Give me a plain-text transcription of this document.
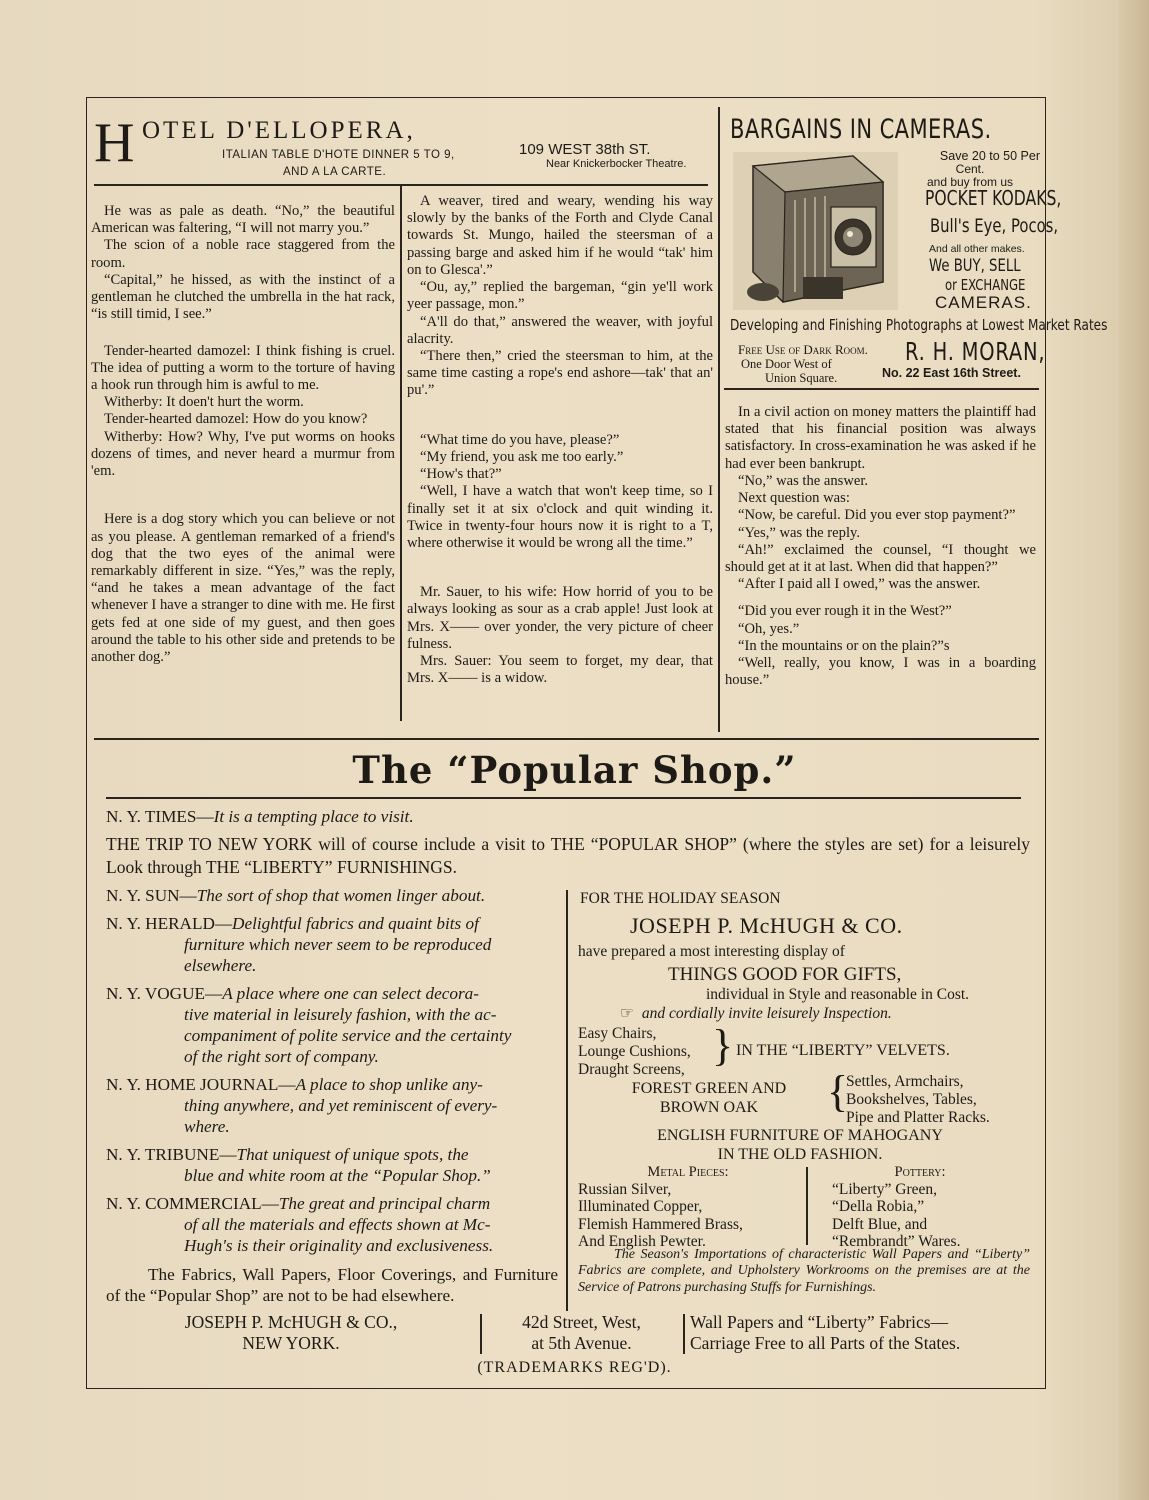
H OTEL D'ELLOPERA,
ITALIAN TABLE D'HOTE DINNER 5 TO 9,
AND A LA CARTE.
109 WEST 38th ST.
Near Knickerbocker Theatre.

He was as pale as death. “No,” the beautiful American was faltering, “I will not marry you.”

The scion of a noble race staggered from the room.

“Capital,” he hissed, as with the instinct of a gentleman he clutched the umbrella in the hat rack, “is still timid, I see.”

Tender-hearted damozel: I think fishing is cruel. The idea of putting a worm to the torture of having a hook run through him is awful to me.

Witherby: It doen't hurt the worm.

Tender-hearted damozel: How do you know?

Witherby: How? Why, I've put worms on hooks dozens of times, and never heard a murmur from 'em.

Here is a dog story which you can believe or not as you please. A gentleman remarked of a friend's dog that the two eyes of the animal were remarkably different in size. “Yes,” was the reply, “and he takes a mean advantage of the fact whenever I have a stranger to dine with me. He first gets fed at one side of my guest, and then goes around the table to his other side and pretends to be another dog.”

A weaver, tired and weary, wending his way slowly by the banks of the Forth and Clyde Canal towards St. Mungo, hailed the steersman of a passing barge and asked him if he would “tak' him on to Glesca'.”

“Ou, ay,” replied the bargeman, “gin ye'll work yeer passage, mon.”

“A'll do that,” answered the weaver, with joyful alacrity.

“There then,” cried the steersman to him, at the same time casting a rope's end ashore—tak' that an' pu'.”

“What time do you have, please?”

“My friend, you ask me too early.”

“How's that?”

“Well, I have a watch that won't keep time, so I finally set it at six o'clock and quit winding it. Twice in twenty-four hours now it is right to a T, where otherwise it would be wrong all the time.”

Mr. Sauer, to his wife: How horrid of you to be always looking as sour as a crab apple! Just look at Mrs. X—— over yonder, the very picture of cheer fulness.

Mrs. Sauer: You seem to forget, my dear, that Mrs. X—— is a widow.

BARGAINS IN CAMERAS.
Save 20 to 50 Per
Cent.
and buy from us
POCKET KODAKS,
Bull's Eye, Pocos,
And all other makes.
We BUY, SELL
or EXCHANGE
CAMERAS.
Developing and Finishing Photographs at Lowest Market Rates
Free Use of Dark Room.
One Door West of
Union Square.
R. H. MORAN,
No. 22 East 16th Street.

In a civil action on money matters the plaintiff had stated that his financial position was always satisfactory. In cross-examination he was asked if he had ever been bankrupt.

“No,” was the answer.

Next question was:

“Now, be careful. Did you ever stop payment?”

“Yes,” was the reply.

“Ah!” exclaimed the counsel, “I thought we should get at it at last. When did that happen?”

“After I paid all I owed,” was the answer.

“Did you ever rough it in the West?”

“Oh, yes.”

“In the mountains or on the plain?”s

“Well, really, you know, I was in a boarding house.”

The “Popular Shop.”
N. Y. TIMES—It is a tempting place to visit.
THE TRIP TO NEW YORK will of course include a visit to THE “POPULAR SHOP” (where the styles are set) for a leisurely Look through THE “LIBERTY” FURNISHINGS.
N. Y. SUN—The sort of shop that women linger about.
N. Y. HERALD—Delightful fabrics and quaint bits of
furniture which never seem to be reproduced
elsewhere.
N. Y. VOGUE—A place where one can select decora-
tive material in leisurely fashion, with the ac-
companiment of polite service and the certainty
of the right sort of company.
N. Y. HOME JOURNAL—A place to shop unlike any-
thing anywhere, and yet reminiscent of every-
where.
N. Y. TRIBUNE—That uniquest of unique spots, the
blue and white room at the “Popular Shop.”
N. Y. COMMERCIAL—The great and principal charm
of all the materials and effects shown at Mc-
Hugh's is their originality and exclusiveness.
The Fabrics, Wall Papers, Floor Coverings, and Furniture of the “Popular Shop” are not to be had elsewhere.
FOR THE HOLIDAY SEASON
JOSEPH P. McHUGH & CO.
have prepared a most interesting display of
THINGS GOOD FOR GIFTS,
individual in Style and reasonable in Cost.
☞ and cordially invite leisurely Inspection.
Easy Chairs,
Lounge Cushions,
Draught Screens, } IN THE “LIBERTY” VELVETS.
FOREST GREEN AND
BROWN OAK	{
Settles, Armchairs,
Bookshelves, Tables,
Pipe and Platter Racks.
ENGLISH FURNITURE OF MAHOGANY
IN THE OLD FASHION.
Metal Pieces:
Russian Silver,
Illuminated Copper,
Flemish Hammered Brass,
And English Pewter.
Pottery:
“Liberty” Green,
“Della Robia,”
Delft Blue, and
“Rembrandt” Wares.
The Season's Importations of characteristic Wall Papers and “Liberty” Fabrics are complete, and Upholstery Workrooms on the premises are at the Service of Patrons purchasing Stuffs for Furnishings.
JOSEPH P. McHUGH & CO.,
NEW YORK.
42d Street, West,
at 5th Avenue.
Wall Papers and “Liberty” Fabrics—
Carriage Free to all Parts of the States.
(TRADEMARKS REG'D).
